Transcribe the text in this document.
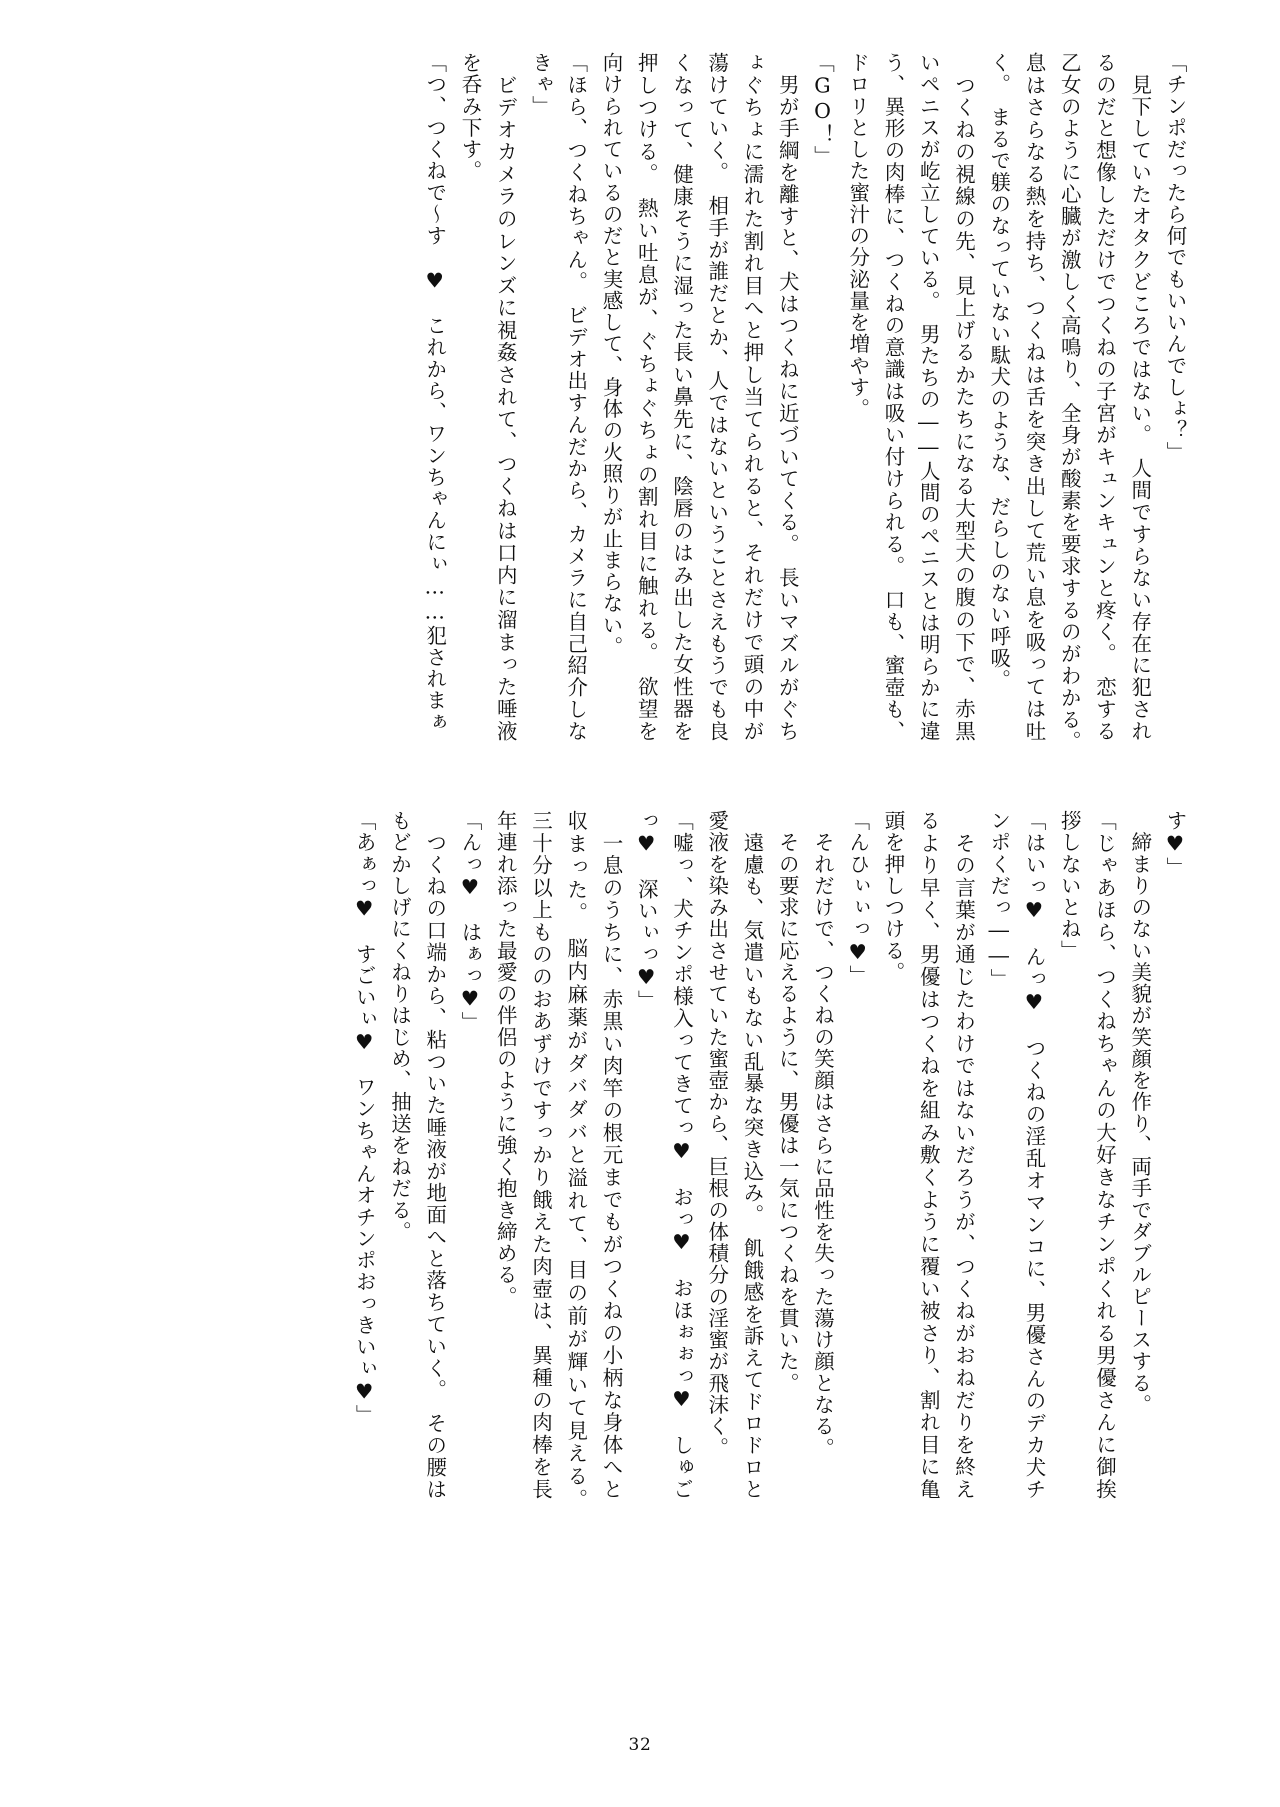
「チンポだったら何でもいいんでしょ？」
見下していたオタクどころではない。　人間ですらない存在に犯されるのだと想像しただけでつくねの子宮がキュンキュンと疼く。　恋する乙女のように心臓が激しく高鳴り、全身が酸素を要求するのがわかる。　息はさらなる熱を持ち、つくねは舌を突き出して荒い息を吸っては吐く。　まるで躾のなっていない駄犬のような、だらしのない呼吸。
つくねの視線の先、見上げるかたちになる大型犬の腹の下で、赤黒いペニスが屹立している。　男たちの――人間のペニスとは明らかに違う、異形の肉棒に、つくねの意識は吸い付けられる。　口も、蜜壺も、ドロリとした蜜汁の分泌量を増やす。
「GO！」
男が手綱を離すと、犬はつくねに近づいてくる。　長いマズルがぐちょぐちょに濡れた割れ目へと押し当てられると、それだけで頭の中が蕩けていく。　相手が誰だとか、人ではないということさえもうでも良くなって、健康そうに湿った長い鼻先に、陰唇のはみ出した女性器を押しつける。　熱い吐息が、ぐちょぐちょの割れ目に触れる。　欲望を向けられているのだと実感して、身体の火照りが止まらない。
「ほら、つくねちゃん。　ビデオ出すんだから、カメラに自己紹介しなきゃ」
ビデオカメラのレンズに視姦されて、つくねは口内に溜まった唾液を呑み下す。
「つ、つくねで～す　♥　これから、ワンちゃんにぃ……犯されまぁ
す♥」
締まりのない美貌が笑顔を作り、両手でダブルピースする。
「じゃあほら、つくねちゃんの大好きなチンポくれる男優さんに御挨拶しないとね」
「はいっ♥　んっ♥　つくねの淫乱オマンコに、男優さんのデカ犬チンポくだっ――」
その言葉が通じたわけではないだろうが、つくねがおねだりを終えるより早く、男優はつくねを組み敷くように覆い被さり、割れ目に亀頭を押しつける。
「んひぃぃっ♥」
それだけで、つくねの笑顔はさらに品性を失った蕩け顔となる。
その要求に応えるように、男優は一気につくねを貫いた。
遠慮も、気遣いもない乱暴な突き込み。　飢餓感を訴えてドロドロと愛液を染み出させていた蜜壺から、巨根の体積分の淫蜜が飛沫く。
「嘘っ、犬チンポ様入ってきてっ♥　おっ♥　おほぉぉっ♥　しゅごっ♥　深いぃっ♥」
一息のうちに、赤黒い肉竿の根元までもがつくねの小柄な身体へと収まった。　脳内麻薬がダバダバと溢れて、目の前が輝いて見える。　三十分以上もののおあずけですっかり餓えた肉壺は、異種の肉棒を長年連れ添った最愛の伴侶のように強く抱き締める。
「んっ♥　はぁっ♥」
つくねの口端から、粘ついた唾液が地面へと落ちていく。　その腰はもどかしげにくねりはじめ、抽送をねだる。
「あぁっ♥　すごいぃ♥　ワンちゃんオチンポおっきいぃ♥」
32
